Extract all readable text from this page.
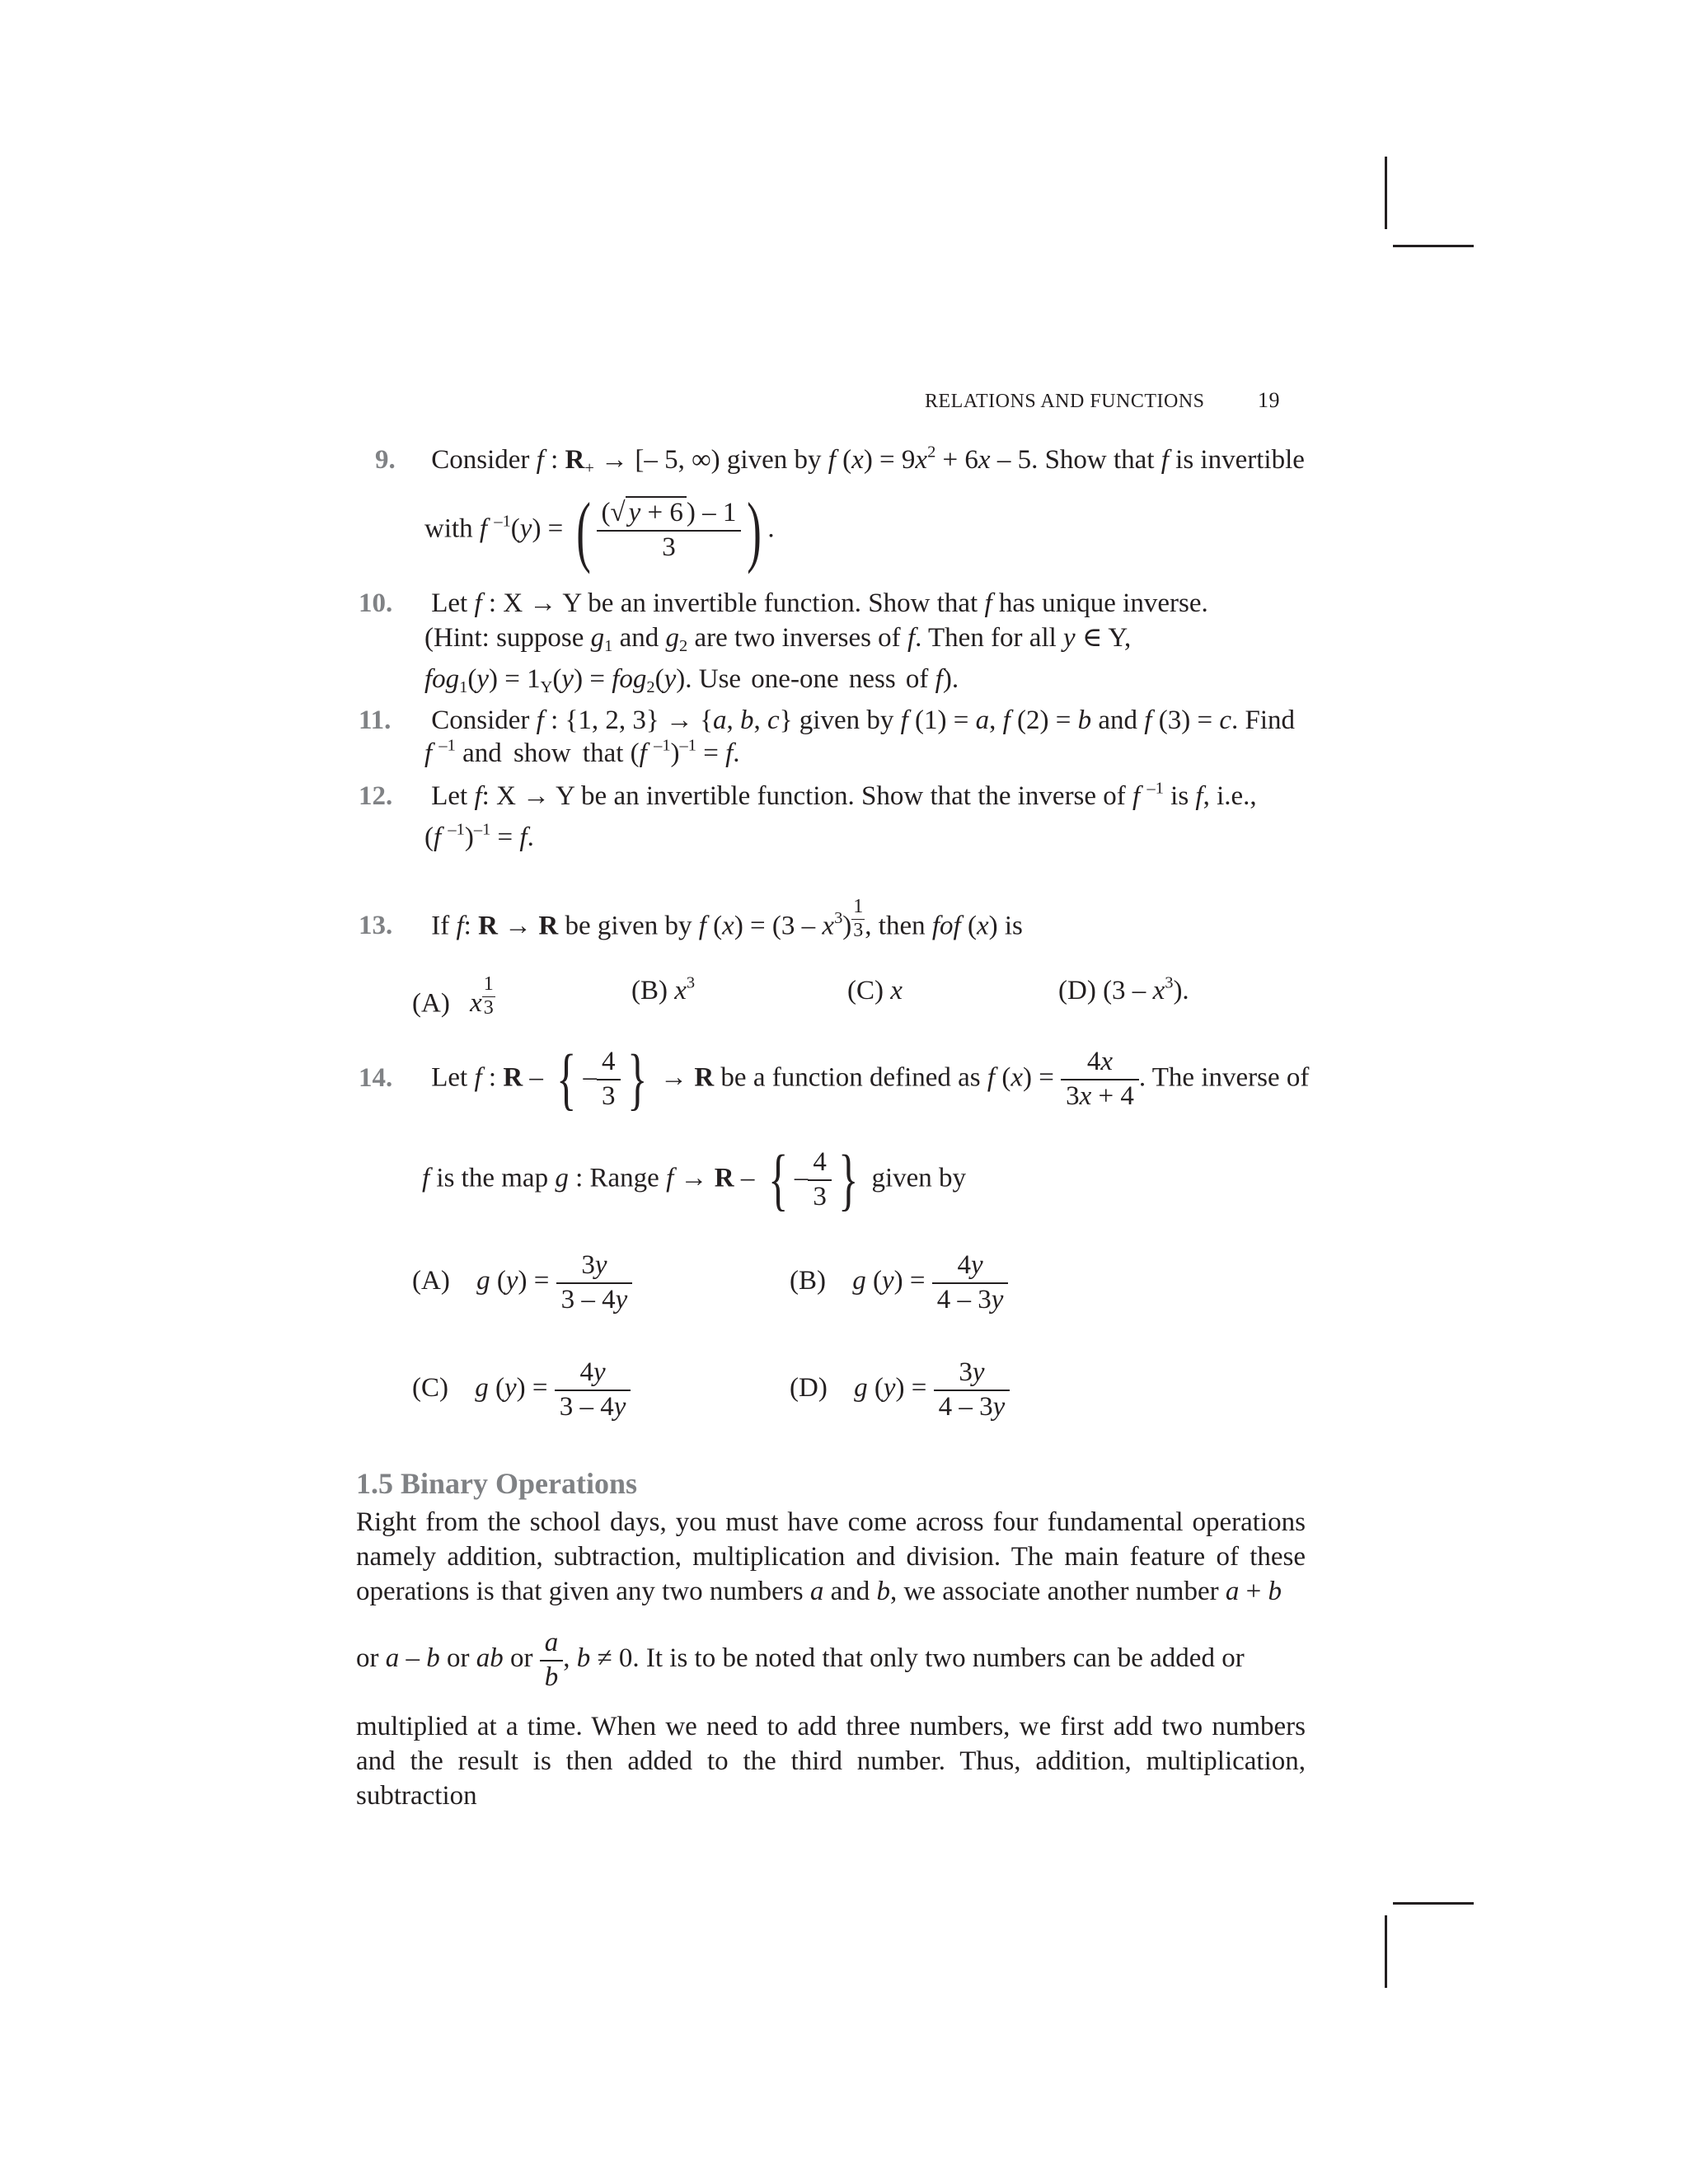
RELATIONS AND FUNCTIONS 19
9. Consider f : $R_+$ → [– 5, ∞) given by f $(x) = 9x^2 + 6x - 5$. Show that f is invertible
with f $^{-1}$(y) = ( $\frac{(√ y + 6 ) - 1}{3}$ ) .
10. Let f : X → Y be an invertible function. Show that f has unique inverse.
(Hint: suppose $g_1$ and $g_2$ are two inverses of f. Then for all y ∈ Y,
$fog_1(y) = 1_Y(y) = fog_2(y)$. Use one-one ness of f).
11. Consider f : {1, 2, 3} → {a, b, c} given by f (1) = a, f (2) = b and f (3) = c. Find
f $^{-1}$ and show that (f $^{-1}$)$^{-1}$ = f.
12. Let f: X → Y be an invertible function. Show that the inverse of f $^{-1}$ is f, i.e.,
(f $^{-1}$)$^{-1}$ = f.
13. If f: R → R be given by f $(x) = (3 - x^3)$ $^{\frac{1}{3}}$ , then fof (x) is
(A) x $^{\frac{1}{3}}$	(B) $x^3$	(C) x	(D) $(3 - x^3)$.
14. Let f : R – { – $\frac{4}{3}$ } → R be a function defined as f $(x) = \frac{4x}{3x + 4}$ . The inverse of
f is the map g : Range f → R – { – $\frac{4}{3}$ } given by
(A) g $(y) = \frac{3y}{3 - 4y}$	(B) g $(y) = \frac{4y}{4 - 3y}$
(C) g $(y) = \frac{4y}{3 - 4y}$	(D) g $(y) = \frac{3y}{4 - 3y}$
1.5 Binary Operations
Right from the school days, you must have come across four fundamental operations namely addition, subtraction, multiplication and division. The main feature of these operations is that given any two numbers a and b, we associate another number a + b
or a – b or ab or $\frac{a}{b}$ , b ≠ 0. It is to be noted that only two numbers can be added or
multiplied at a time. When we need to add three numbers, we first add two numbers and the result is then added to the third number. Thus, addition, multiplication, subtraction
